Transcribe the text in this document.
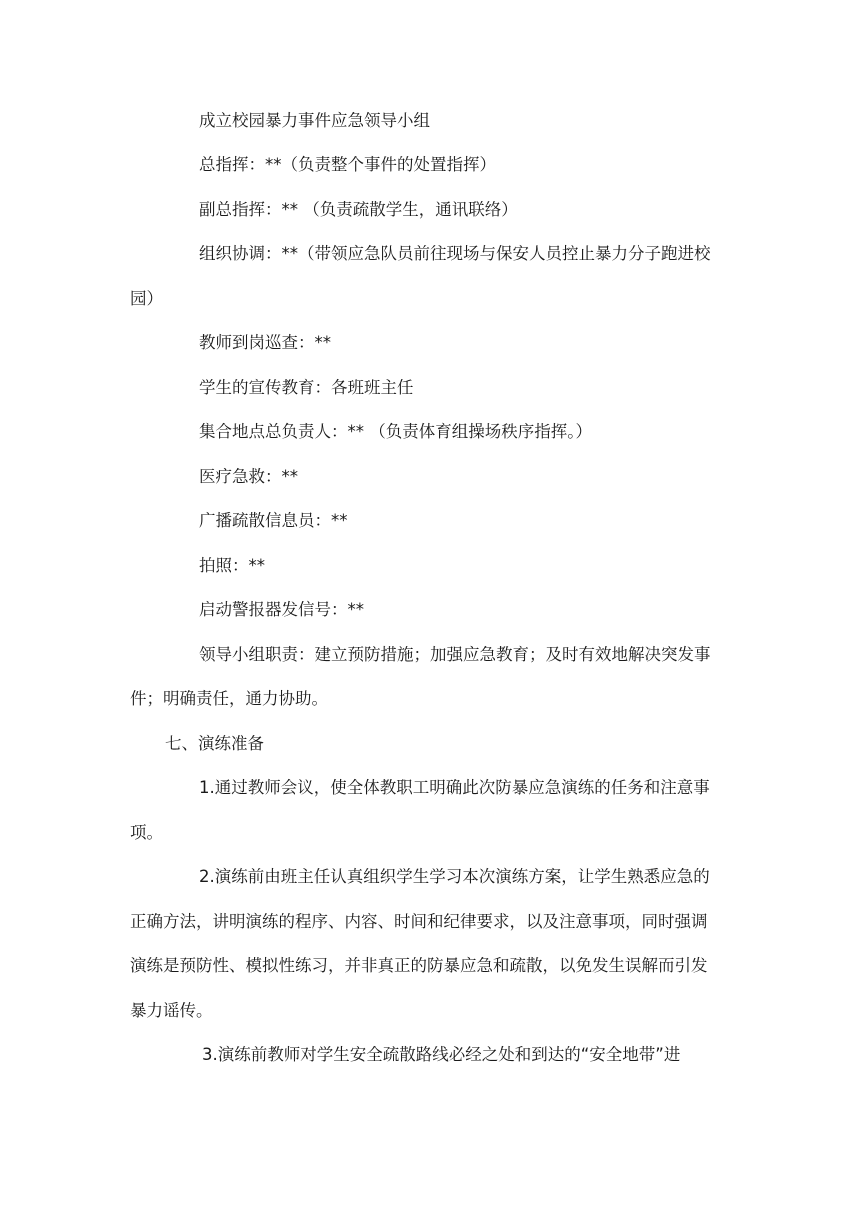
成立校园暴力事件应急领导小组
总指挥：**（负责整个事件的处置指挥）
副总指挥：** （负责疏散学生，通讯联络）
组织协调：**（带领应急队员前往现场与保安人员控止暴力分子跑进校
园）
教师到岗巡查：**
学生的宣传教育：各班班主任
集合地点总负责人：** （负责体育组操场秩序指挥。）
医疗急救：**
广播疏散信息员：**
拍照：**
启动警报器发信号：**
领导小组职责：建立预防措施；加强应急教育；及时有效地解决突发事
件；明确责任，通力协助。
七、演练准备
1.通过教师会议，使全体教职工明确此次防暴应急演练的任务和注意事
项。
2.演练前由班主任认真组织学生学习本次演练方案，让学生熟悉应急的
正确方法，讲明演练的程序、内容、时间和纪律要求，以及注意事项，同时强调
演练是预防性、模拟性练习，并非真正的防暴应急和疏散，以免发生误解而引发
暴力谣传。
3.演练前教师对学生安全疏散路线必经之处和到达的“安全地带”进
